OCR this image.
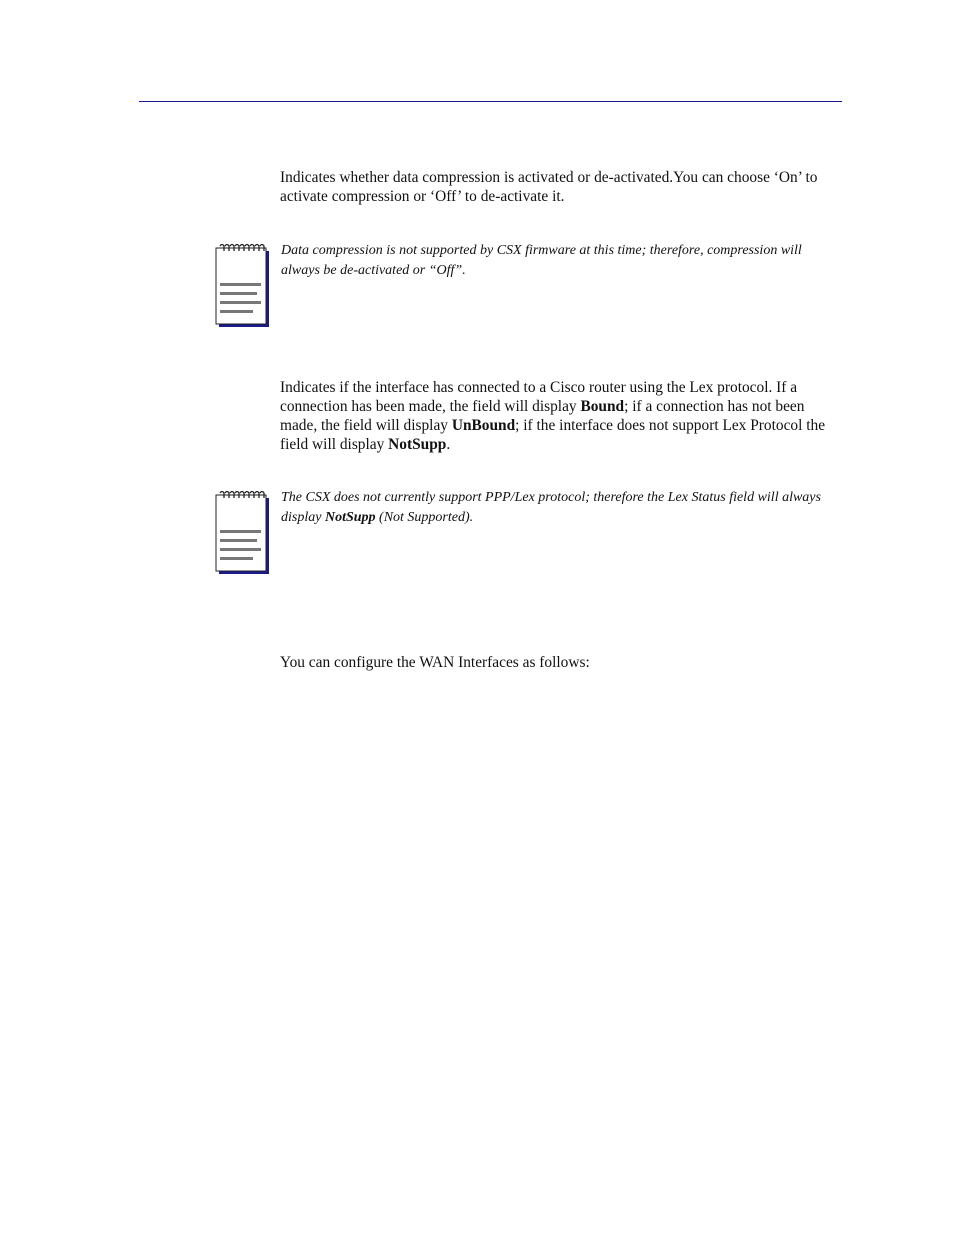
Indicates whether data compression is activated or de-activated.You can choose ‘On’ to activate compression or ‘Off’ to de-activate it.

Data compression is not supported by CSX firmware at this time; therefore, compression will always be de-activated or “Off”.

Indicates if the interface has connected to a Cisco router using the Lex protocol. If a connection has been made, the field will display Bound; if a connection has not been made, the field will display UnBound; if the interface does not support Lex Protocol the field will display NotSupp.

The CSX does not currently support PPP/Lex protocol; therefore the Lex Status field will always display NotSupp (Not Supported).

You can configure the WAN Interfaces as follows:
